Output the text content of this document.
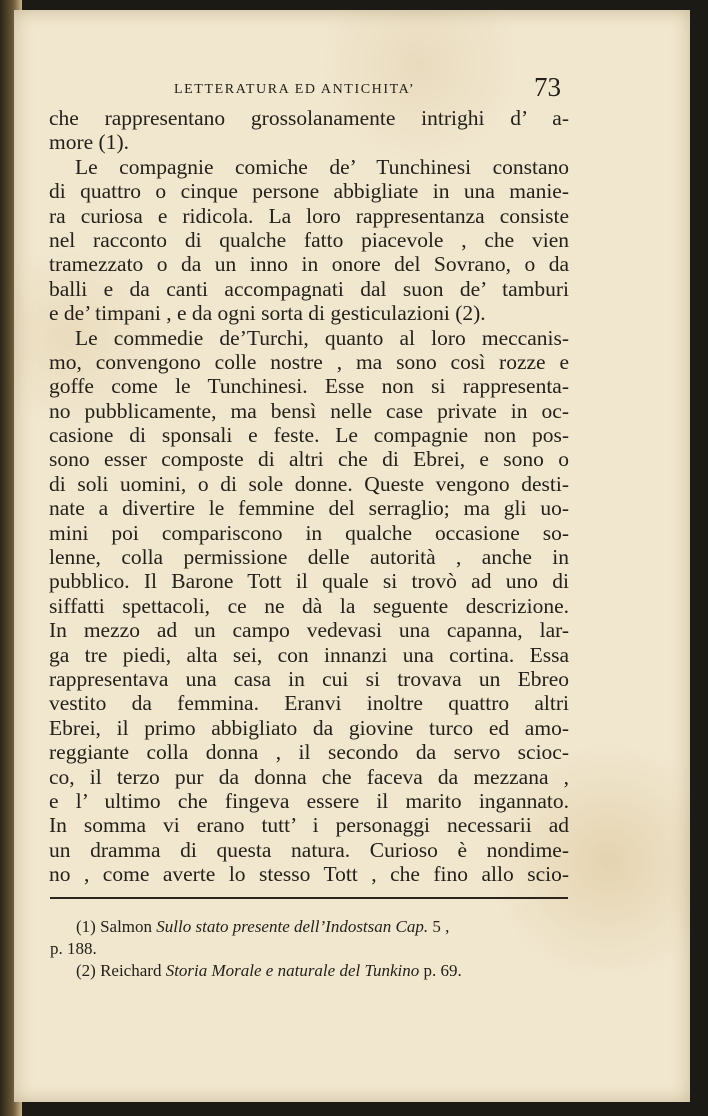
LETTERATURA ED ANTICHITA’	73
che rappresentano grossolanamente intrighi d’ a-
more (1).
Le compagnie comiche de’ Tunchinesi constano
di quattro o cinque persone abbigliate in una manie-
ra curiosa e ridicola. La loro rappresentanza consiste
nel racconto di qualche fatto piacevole , che vien
tramezzato o da un inno in onore del Sovrano, o da
balli e da canti accompagnati dal suon de’ tamburi
e de’ timpani , e da ogni sorta di gesticulazioni (2).
Le commedie de’Turchi, quanto al loro meccanis-
mo, convengono colle nostre , ma sono così rozze e
goffe come le Tunchinesi. Esse non si rappresenta-
no pubblicamente, ma bensì nelle case private in oc-
casione di sponsali e feste. Le compagnie non pos-
sono esser composte di altri che di Ebrei, e sono o
di soli uomini, o di sole donne. Queste vengono desti-
nate a divertire le femmine del serraglio; ma gli uo-
mini poi compariscono in qualche occasione so-
lenne, colla permissione delle autorità , anche in
pubblico. Il Barone Tott il quale si trovò ad uno di
siffatti spettacoli, ce ne dà la seguente descrizione.
In mezzo ad un campo vedevasi una capanna, lar-
ga tre piedi, alta sei, con innanzi una cortina. Essa
rappresentava una casa in cui si trovava un Ebreo
vestito da femmina. Eranvi inoltre quattro altri
Ebrei, il primo abbigliato da giovine turco ed amo-
reggiante colla donna , il secondo da servo scioc-
co, il terzo pur da donna che faceva da mezzana ,
e l’ ultimo che fingeva essere il marito ingannato.
In somma vi erano tutt’ i personaggi necessarii ad
un dramma di questa natura. Curioso è nondime-
no , come averte lo stesso Tott , che fino allo scio-
(1) Salmon Sullo stato presente dell’Indostsan Cap. 5 ,
p. 188.
(2) Reichard Storia Morale e naturale del Tunkino p. 69.
